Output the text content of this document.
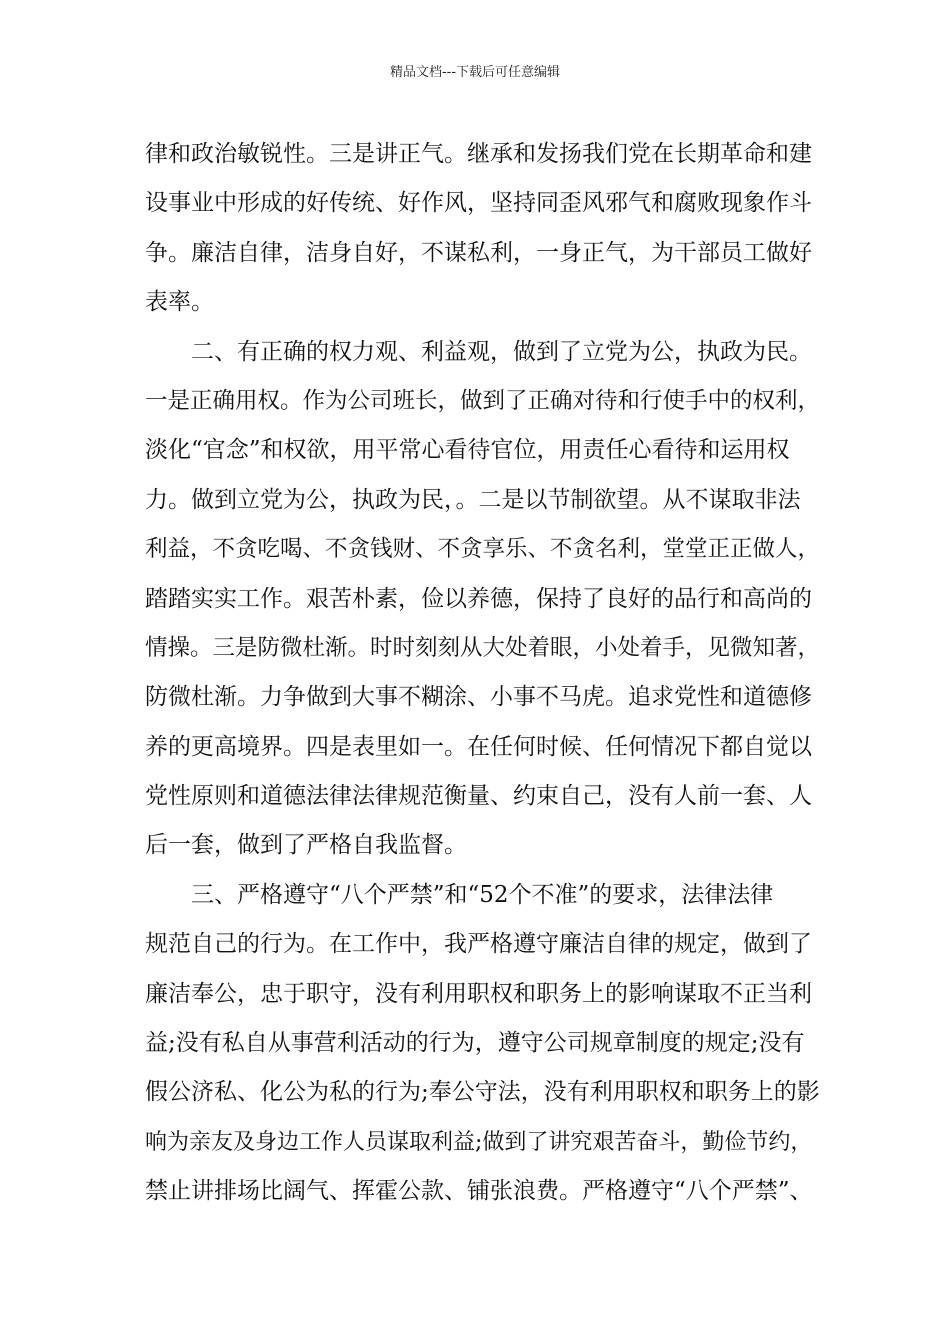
精品文档---下载后可任意编辑
律和政治敏锐性。三是讲正气。继承和发扬我们党在长期革命和建
设事业中形成的好传统、好作风，坚持同歪风邪气和腐败现象作斗
争。廉洁自律，洁身自好，不谋私利，一身正气，为干部员工做好
表率。
二、有正确的权力观、利益观，做到了立党为公，执政为民。
一是正确用权。作为公司班长，做到了正确对待和行使手中的权利，
淡化“官念”和权欲，用平常心看待官位，用责任心看待和运用权
力。做到立党为公，执政为民，。二是以节制欲望。从不谋取非法
利益，不贪吃喝、不贪钱财、不贪享乐、不贪名利，堂堂正正做人，
踏踏实实工作。艰苦朴素，俭以养德，保持了良好的品行和高尚的
情操。三是防微杜渐。时时刻刻从大处着眼，小处着手，见微知著，
防微杜渐。力争做到大事不糊涂、小事不马虎。追求党性和道德修
养的更高境界。四是表里如一。在任何时候、任何情况下都自觉以
党性原则和道德法律法律规范衡量、约束自己，没有人前一套、人
后一套，做到了严格自我监督。
三、严格遵守“八个严禁”和“52个不准”的要求，法律法律
规范自己的行为。在工作中，我严格遵守廉洁自律的规定，做到了
廉洁奉公，忠于职守，没有利用职权和职务上的影响谋取不正当利
益;没有私自从事营利活动的行为，遵守公司规章制度的规定;没有
假公济私、化公为私的行为;奉公守法，没有利用职权和职务上的影
响为亲友及身边工作人员谋取利益;做到了讲究艰苦奋斗，勤俭节约，
禁止讲排场比阔气、挥霍公款、铺张浪费。严格遵守“八个严禁”、
